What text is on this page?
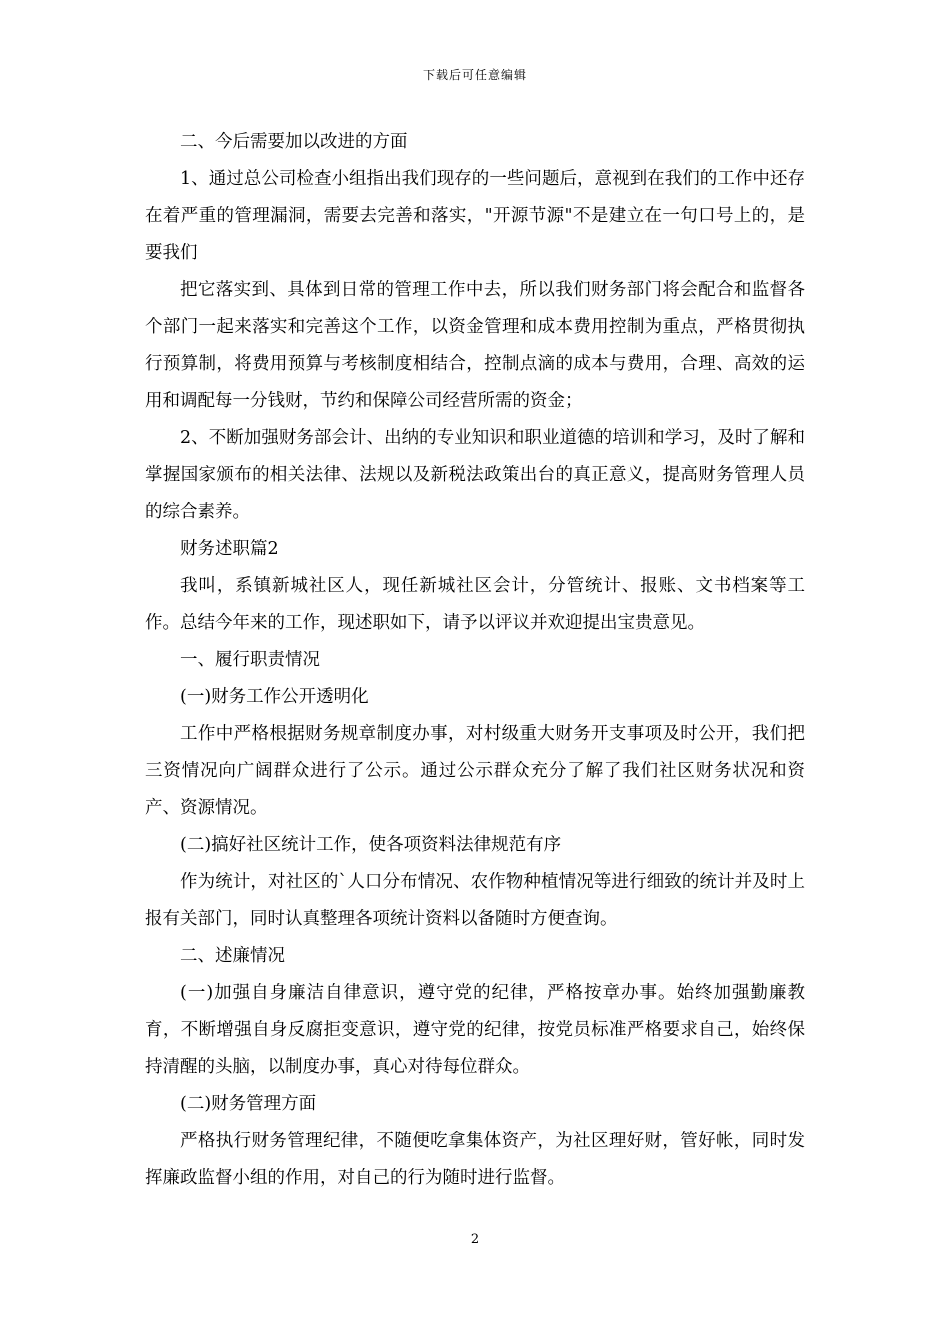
下载后可任意编辑

二、今后需要加以改进的方面

1、通过总公司检查小组指出我们现存的一些问题后，意视到在我们的工作中还存在着严重的管理漏洞，需要去完善和落实，"开源节源"不是建立在一句口号上的，是要我们

把它落实到、具体到日常的管理工作中去，所以我们财务部门将会配合和监督各个部门一起来落实和完善这个工作，以资金管理和成本费用控制为重点，严格贯彻执行预算制，将费用预算与考核制度相结合，控制点滴的成本与费用，合理、高效的运用和调配每一分钱财，节约和保障公司经营所需的资金；

2、不断加强财务部会计、出纳的专业知识和职业道德的培训和学习，及时了解和掌握国家颁布的相关法律、法规以及新税法政策出台的真正意义，提高财务管理人员的综合素养。

财务述职篇2

我叫，系镇新城社区人，现任新城社区会计，分管统计、报账、文书档案等工作。总结今年来的工作，现述职如下，请予以评议并欢迎提出宝贵意见。

一、履行职责情况

(一)财务工作公开透明化

工作中严格根据财务规章制度办事，对村级重大财务开支事项及时公开，我们把三资情况向广阔群众进行了公示。通过公示群众充分了解了我们社区财务状况和资产、资源情况。

(二)搞好社区统计工作，使各项资料法律规范有序

作为统计，对社区的`人口分布情况、农作物种植情况等进行细致的统计并及时上报有关部门，同时认真整理各项统计资料以备随时方便查询。

二、述廉情况

(一)加强自身廉洁自律意识，遵守党的纪律，严格按章办事。始终加强勤廉教育，不断增强自身反腐拒变意识，遵守党的纪律，按党员标准严格要求自己，始终保持清醒的头脑，以制度办事，真心对待每位群众。

(二)财务管理方面

严格执行财务管理纪律，不随便吃拿集体资产，为社区理好财，管好帐，同时发挥廉政监督小组的作用，对自己的行为随时进行监督。

2
